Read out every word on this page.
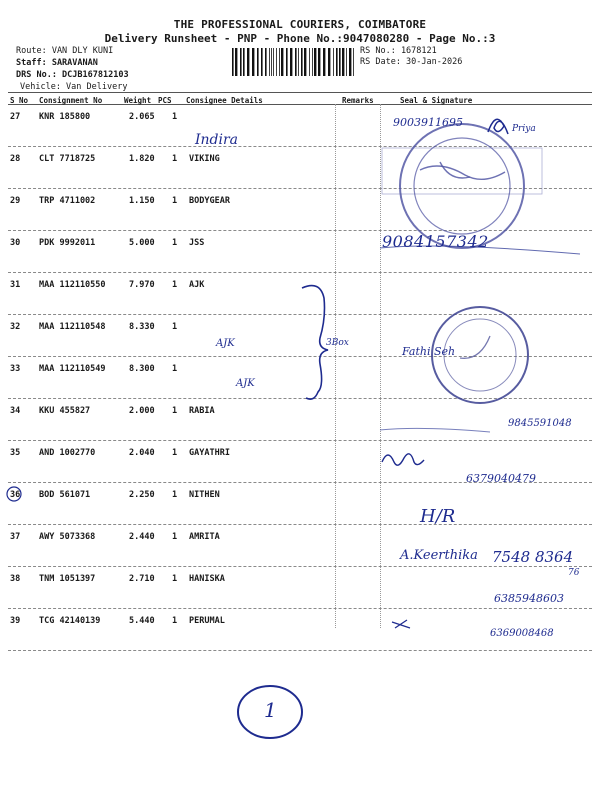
THE PROFESSIONAL COURIERS, COIMBATORE
Delivery Runsheet - PNP - Phone No.:9047080280 - Page No.:3
Route: VAN DLY KUNI
Staff: SARAVANAN
DRS No.: DCJB167812103
Vehicle: Van Delivery
RS No.: 1678121
RS Date: 30-Jan-2026
S No Consignment No	Weight PCS Consignee Details	Remarks	Seal & Signature
27 KNR 185800	2.065 1
28 CLT 7718725	1.820 1 VIKING
29 TRP 4711002	1.150 1 BODYGEAR
30 PDK 9992011	5.000 1 JSS
31 MAA 112110550	7.970 1 AJK
32 MAA 112110548	8.330 1
33 MAA 112110549	8.300 1
34 KKU 455827	2.000 1 RABIA
35 AND 1002770	2.040 1 GAYATHRI
36 BOD 561071	2.250 1 NITHEN
37 AWY 5073368	2.440 1 AMRITA
38 TNM 1051397	2.710 1 HANISKA
39 TCG 42140139	5.440 1 PERUMAL
Indira
9003911695	Priya
9084157342
AJK
AJK
3Box
Fathi Seh
9845591048
6379040479
H/R
A.Keerthika 7548 8364
76
6385948603
6369008468
1
